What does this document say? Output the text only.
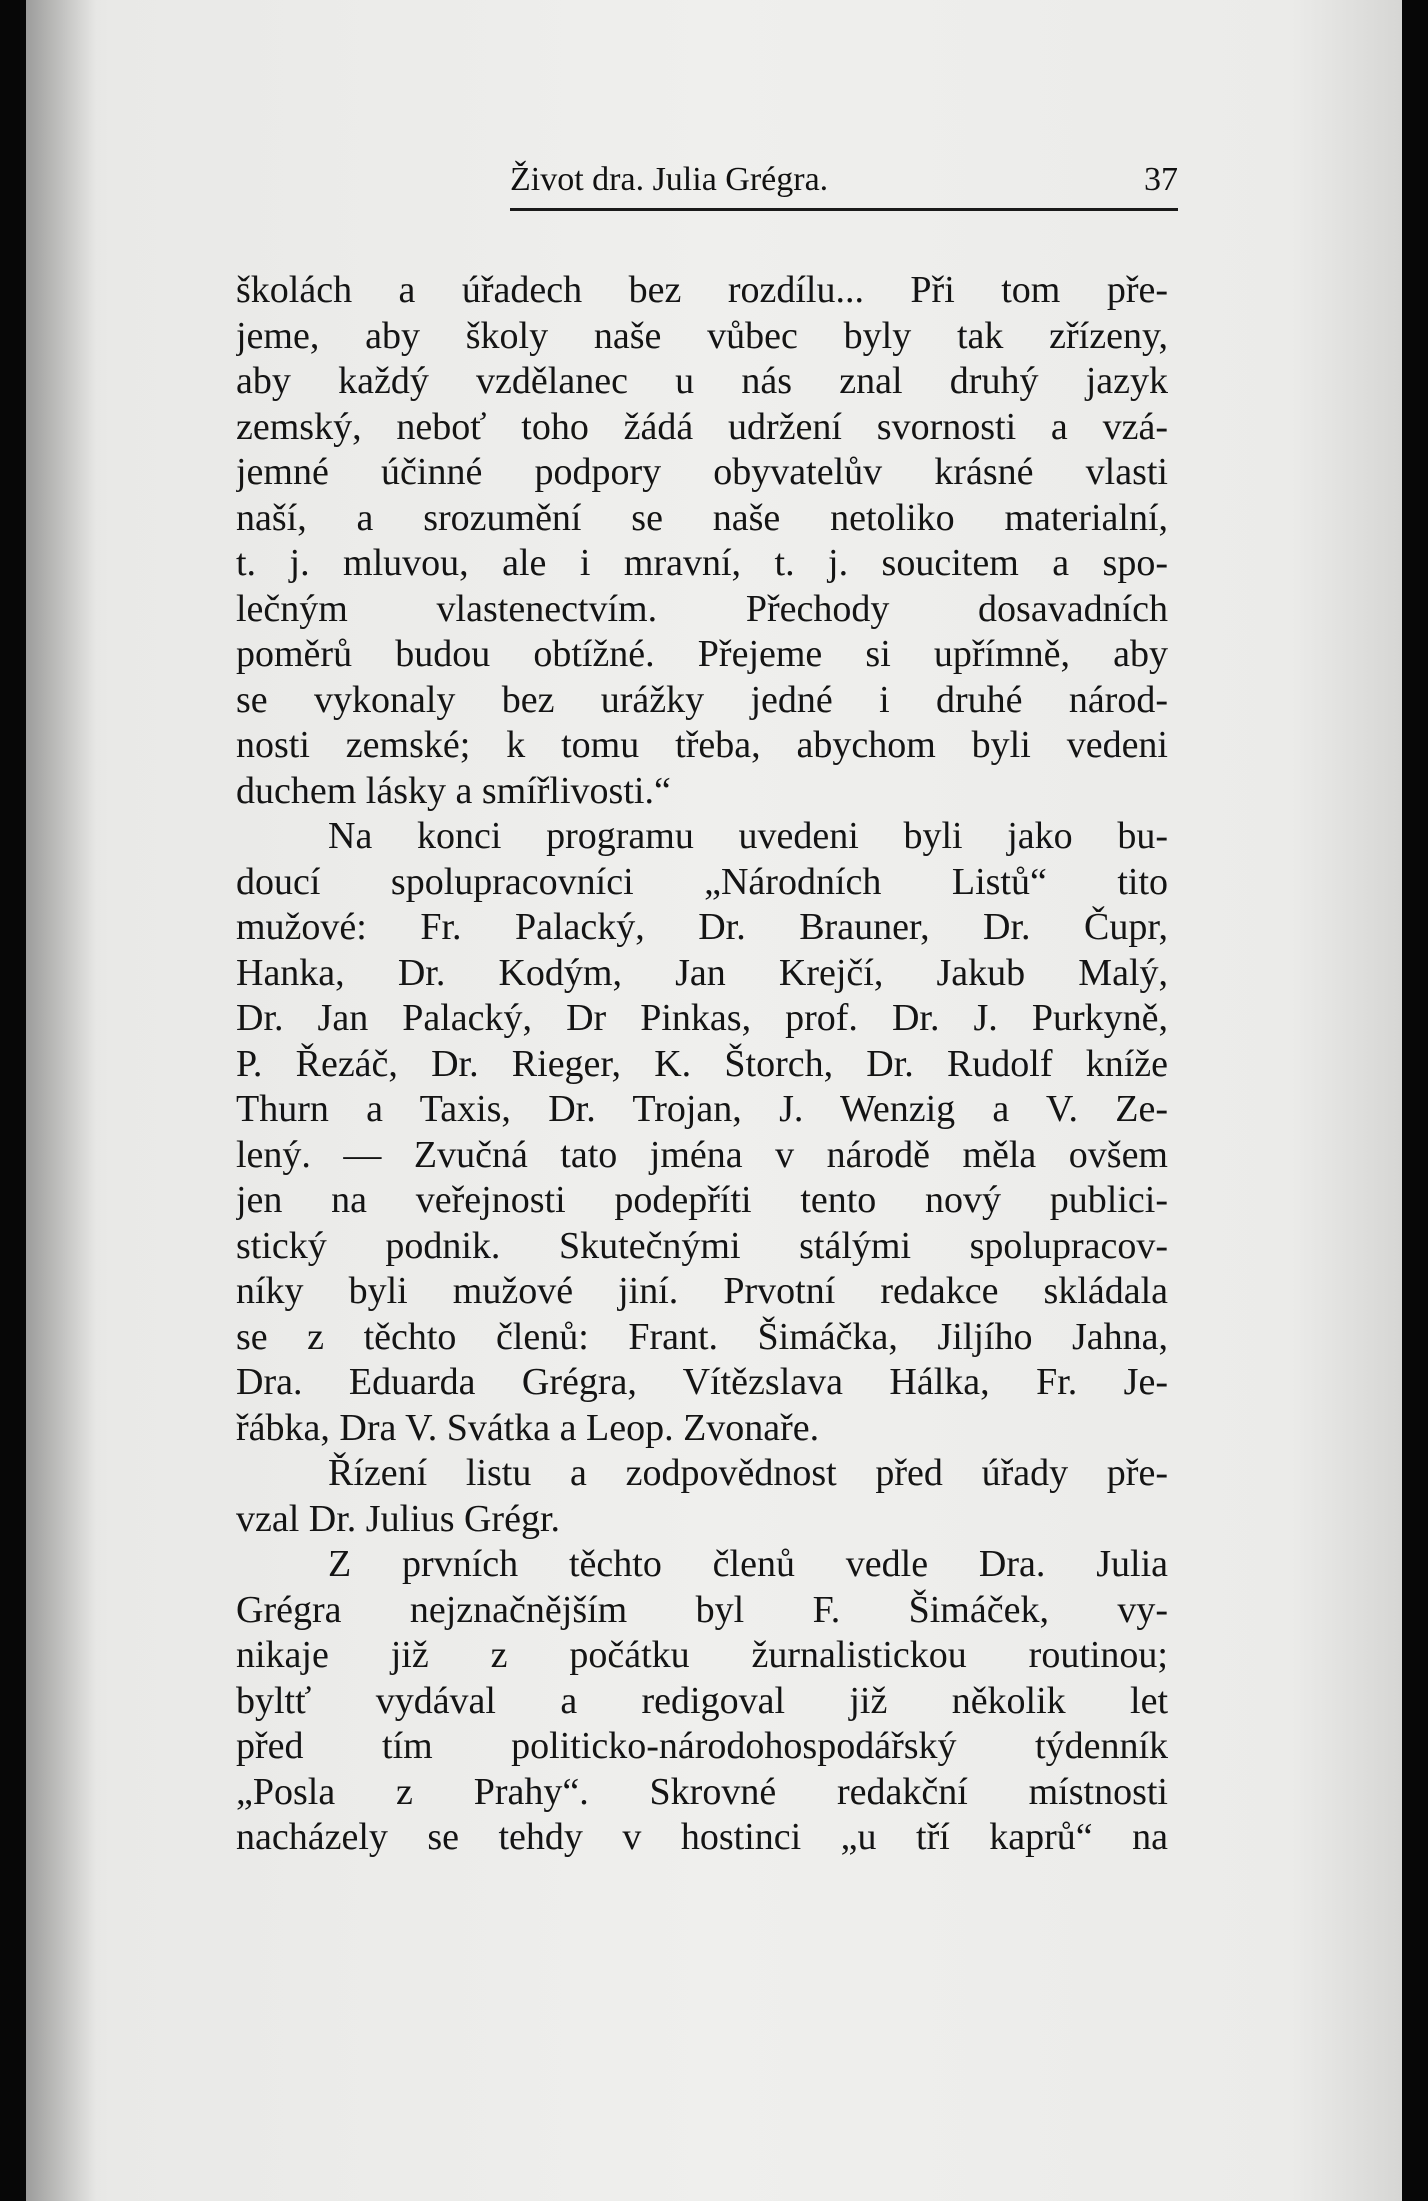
Život dra. Julia Grégra.	37
školách a úřadech bez rozdílu... Při tom pře-
jeme, aby školy naše vůbec byly tak zřízeny,
aby každý vzdělanec u nás znal druhý jazyk
zemský, neboť toho žádá udržení svornosti a vzá-
jemné účinné podpory obyvatelův krásné vlasti
naší, a srozumění se naše netoliko materialní,
t. j. mluvou, ale i mravní, t. j. soucitem a spo-
lečným vlastenectvím. Přechody dosavadních
poměrů budou obtížné. Přejeme si upřímně, aby
se vykonaly bez urážky jedné i druhé národ-
nosti zemské; k tomu třeba, abychom byli vedeni
duchem lásky a smířlivosti.“
Na konci programu uvedeni byli jako bu-
doucí spolupracovníci „Národních Listů“ tito
mužové: Fr. Palacký, Dr. Brauner, Dr. Čupr,
Hanka, Dr. Kodým, Jan Krejčí, Jakub Malý,
Dr. Jan Palacký, Dr Pinkas, prof. Dr. J. Purkyně,
P. Řezáč, Dr. Rieger, K. Štorch, Dr. Rudolf kníže
Thurn a Taxis, Dr. Trojan, J. Wenzig a V. Ze-
lený. — Zvučná tato jména v národě měla ovšem
jen na veřejnosti podepříti tento nový publici-
stický podnik. Skutečnými stálými spolupracov-
níky byli mužové jiní. Prvotní redakce skládala
se z těchto členů: Frant. Šimáčka, Jiljího Jahna,
Dra. Eduarda Grégra, Vítězslava Hálka, Fr. Je-
řábka, Dra V. Svátka a Leop. Zvonaře.
Řízení listu a zodpovědnost před úřady pře-
vzal Dr. Julius Grégr.
Z prvních těchto členů vedle Dra. Julia
Grégra nejznačnějším byl F. Šimáček, vy-
nikaje již z počátku žurnalistickou routinou;
byltť vydával a redigoval již několik let
před tím politicko-národohospodářský týdenník
„Posla z Prahy“. Skrovné redakční místnosti
nacházely se tehdy v hostinci „u tří kaprů“ na
